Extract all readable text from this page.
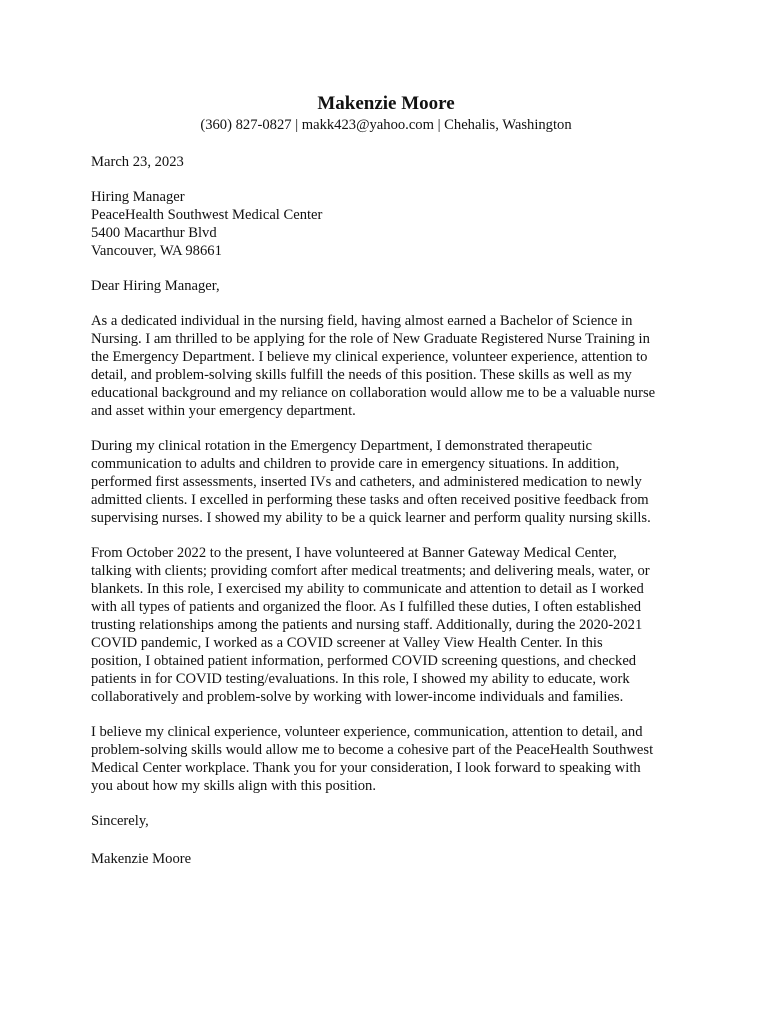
Makenzie Moore

(360) 827-0827 | makk423@yahoo.com | Chehalis, Washington

March 23, 2023

Hiring Manager
PeaceHealth Southwest Medical Center
5400 Macarthur Blvd
Vancouver, WA 98661

Dear Hiring Manager,

As a dedicated individual in the nursing field, having almost earned a Bachelor of Science in
Nursing. I am thrilled to be applying for the role of New Graduate Registered Nurse Training in
the Emergency Department. I believe my clinical experience, volunteer experience, attention to
detail, and problem-solving skills fulfill the needs of this position. These skills as well as my
educational background and my reliance on collaboration would allow me to be a valuable nurse
and asset within your emergency department.
During my clinical rotation in the Emergency Department, I demonstrated therapeutic
communication to adults and children to provide care in emergency situations. In addition,
performed first assessments, inserted IVs and catheters, and administered medication to newly
admitted clients. I excelled in performing these tasks and often received positive feedback from
supervising nurses. I showed my ability to be a quick learner and perform quality nursing skills.
From October 2022 to the present, I have volunteered at Banner Gateway Medical Center,
talking with clients; providing comfort after medical treatments; and delivering meals, water, or
blankets. In this role, I exercised my ability to communicate and attention to detail as I worked
with all types of patients and organized the floor. As I fulfilled these duties, I often established
trusting relationships among the patients and nursing staff. Additionally, during the 2020-2021
COVID pandemic, I worked as a COVID screener at Valley View Health Center. In this
position, I obtained patient information, performed COVID screening questions, and checked
patients in for COVID testing/evaluations. In this role, I showed my ability to educate, work
collaboratively and problem-solve by working with lower-income individuals and families.
I believe my clinical experience, volunteer experience, communication, attention to detail, and
problem-solving skills would allow me to become a cohesive part of the PeaceHealth Southwest
Medical Center workplace. Thank you for your consideration, I look forward to speaking with
you about how my skills align with this position.

Sincerely,

Makenzie Moore
